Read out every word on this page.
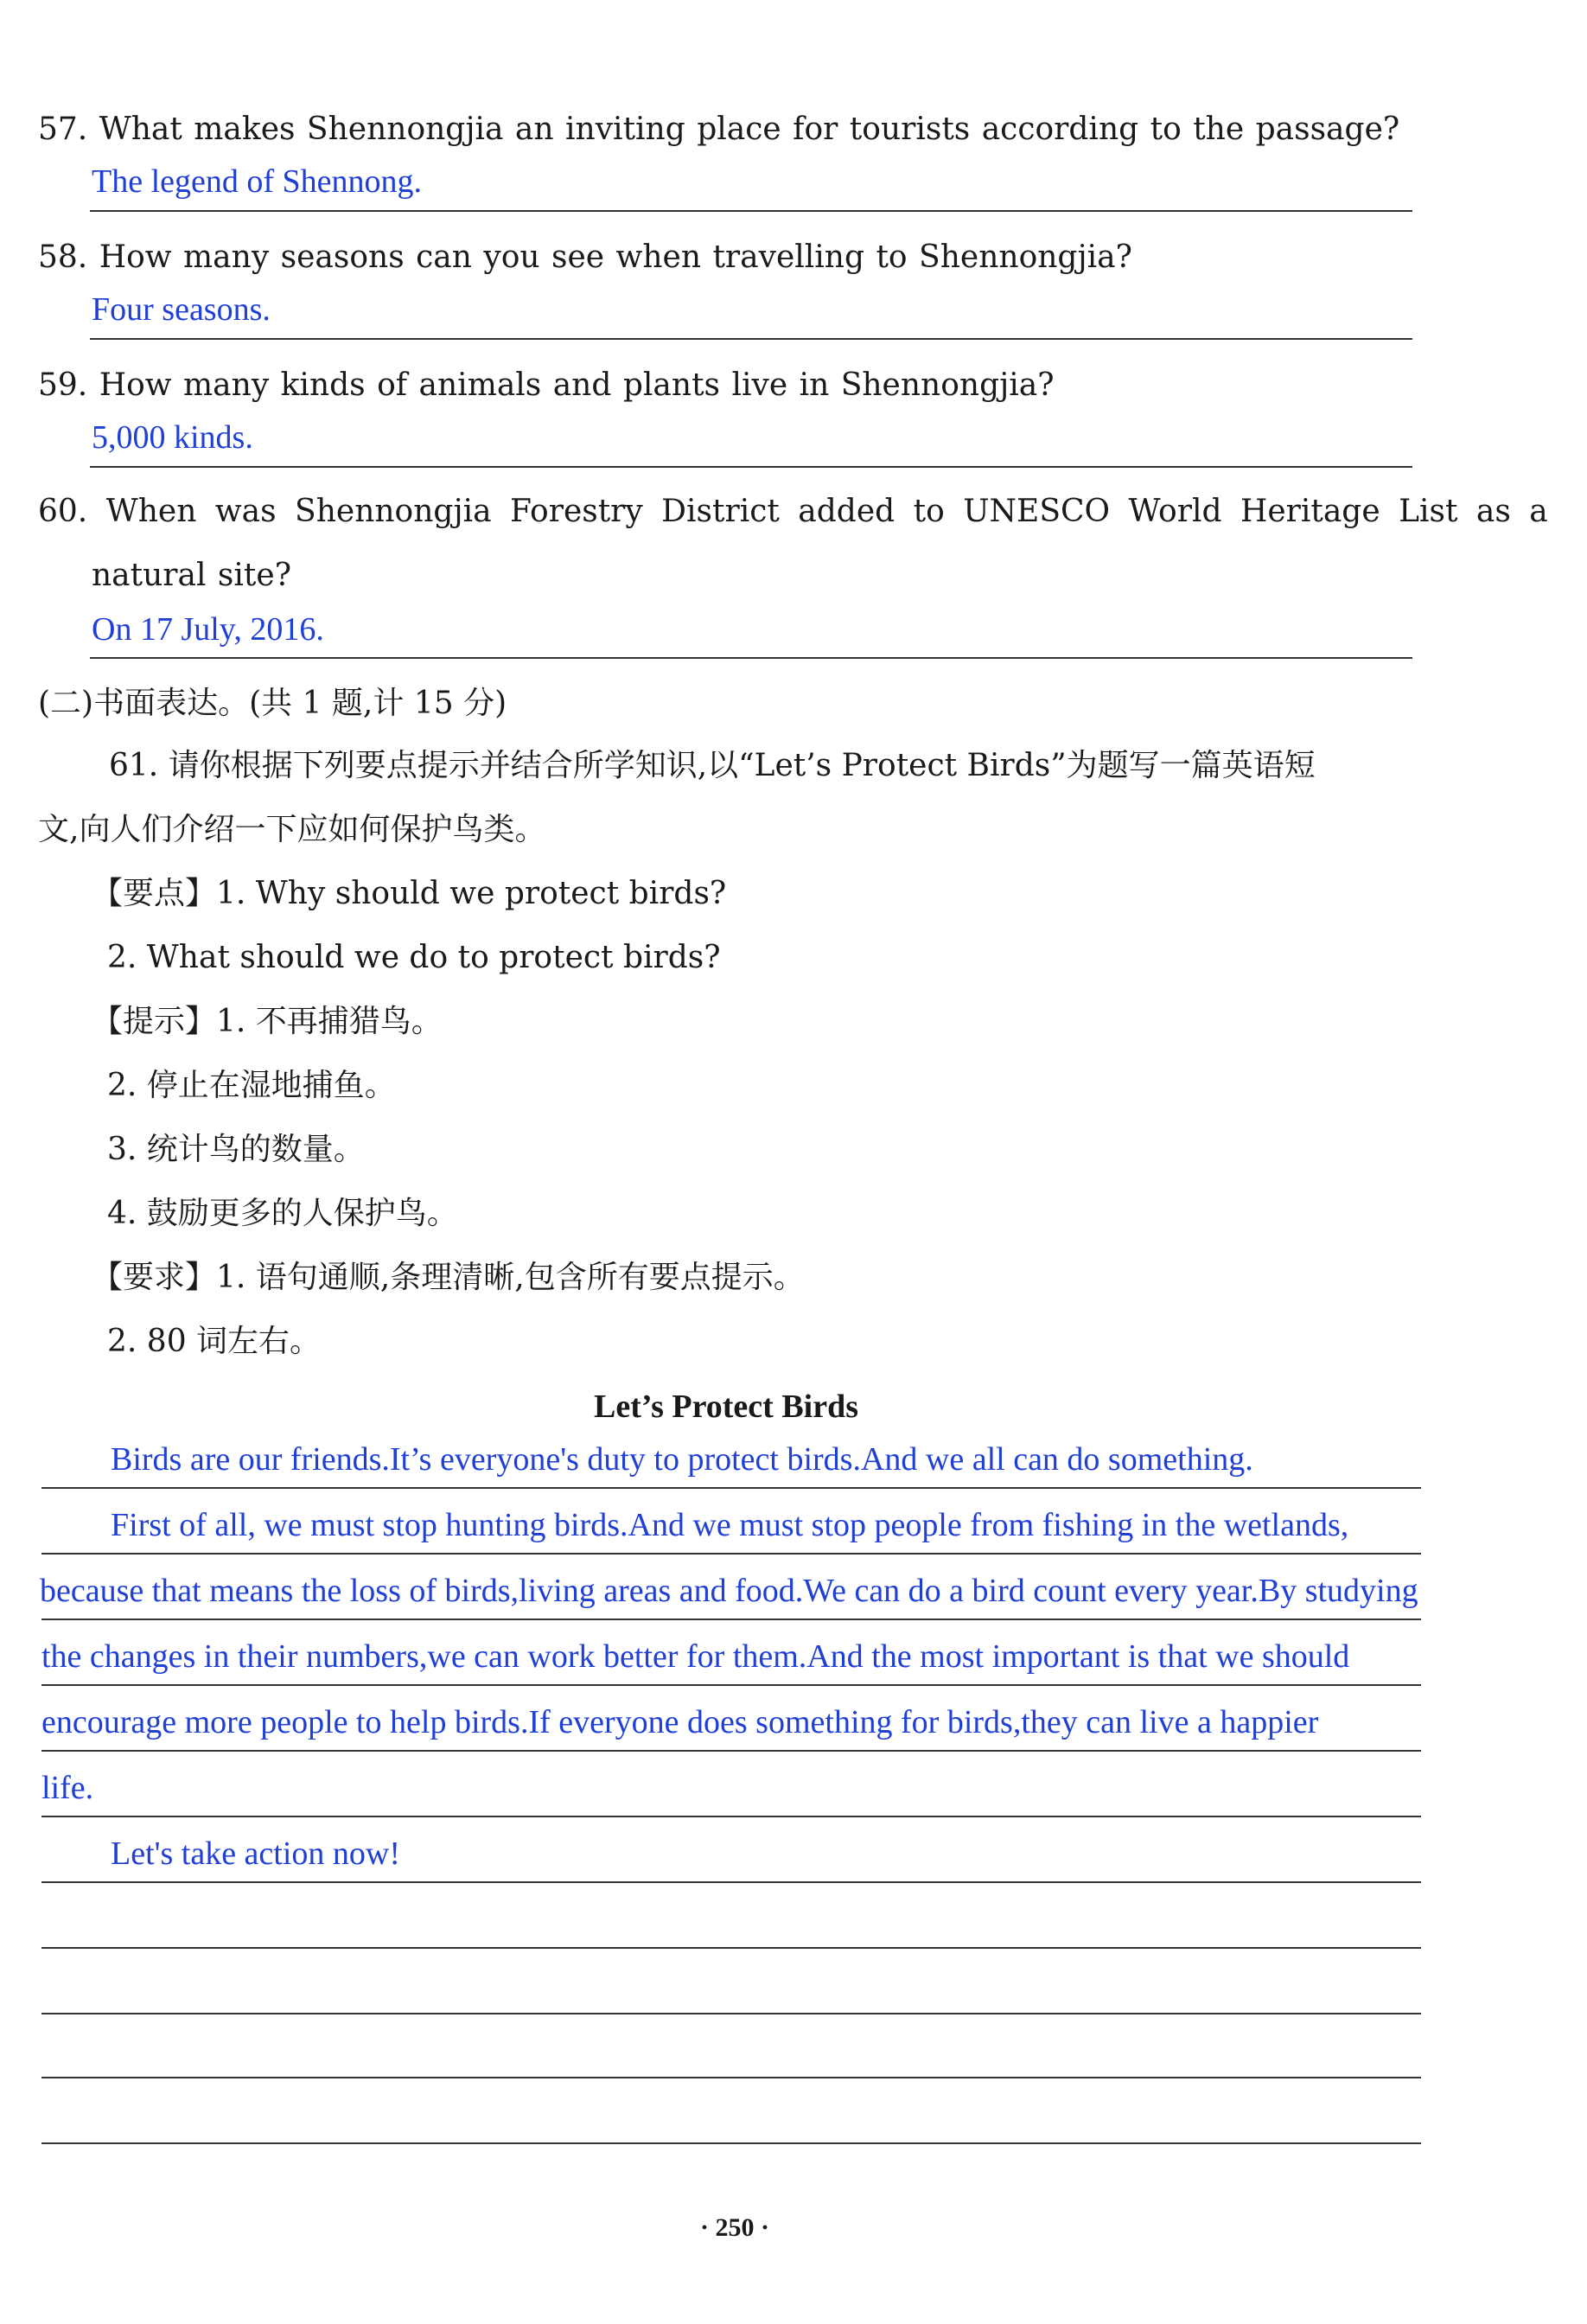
57. What makes Shennongjia an inviting place for tourists according to the passage?
The legend of Shennong.
58. How many seasons can you see when travelling to Shennongjia?
Four seasons.
59. How many kinds of animals and plants live in Shennongjia?
5,000 kinds.
60. When was Shennongjia Forestry District added to UNESCO World Heritage List as a
natural site?
On 17 July, 2016.
(二)书面表达。(共 1 题,计 15 分)
61. 请你根据下列要点提示并结合所学知识,以“Let’s Protect Birds”为题写一篇英语短
文,向人们介绍一下应如何保护鸟类。
【要点】1. Why should we protect birds?
2. What should we do to protect birds?
【提示】1. 不再捕猎鸟。
2. 停止在湿地捕鱼。
3. 统计鸟的数量。
4. 鼓励更多的人保护鸟。
【要求】1. 语句通顺,条理清晰,包含所有要点提示。
2. 80 词左右。
Let’s Protect Birds
Birds are our friends.It’s everyone's duty to protect birds.And we all can do something.
First of all, we must stop hunting birds.And we must stop people from fishing in the wetlands,
because that means the loss of birds,living areas and food.We can do a bird count every year.By studying
the changes in their numbers,we can work better for them.And the most important is that we should
encourage more people to help birds.If everyone does something for birds,they can live a happier
life.
Let's take action now!
· 250 ·
